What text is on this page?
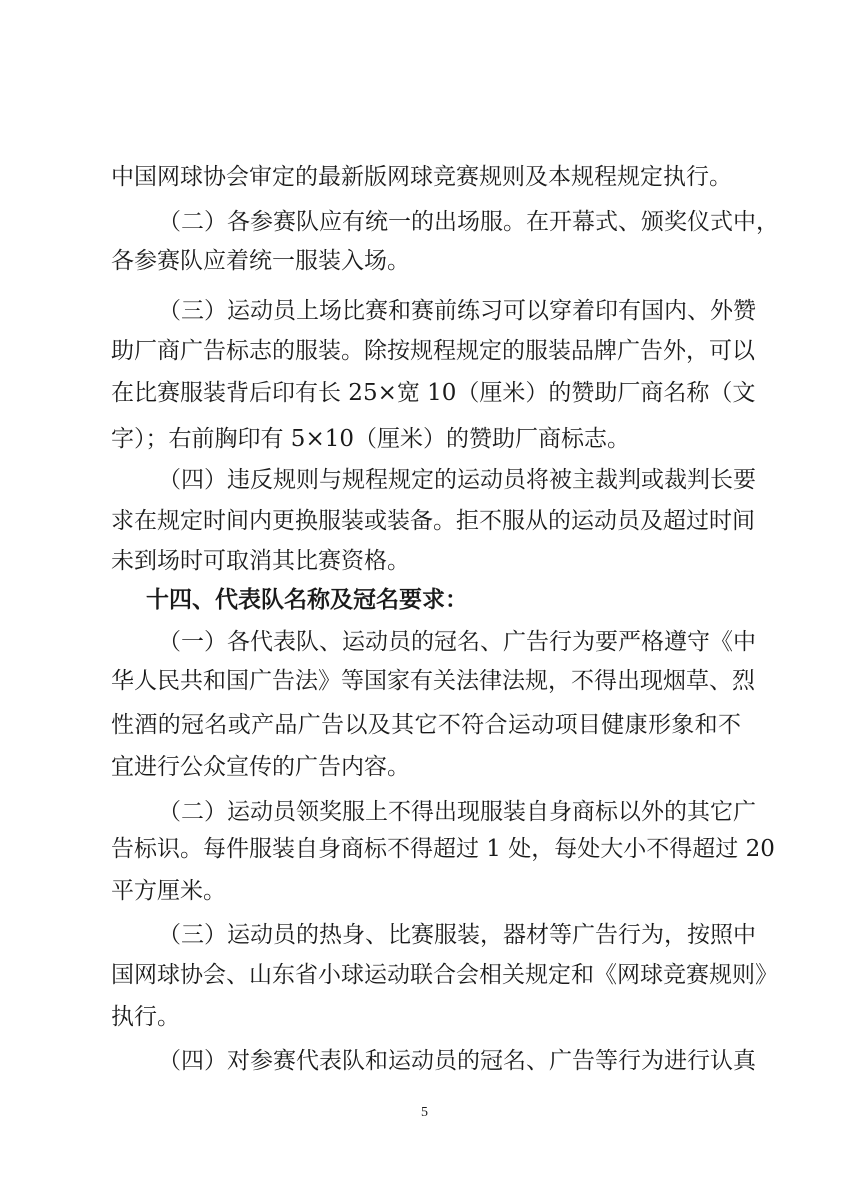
中国网球协会审定的最新版网球竞赛规则及本规程规定执行。
（二）各参赛队应有统一的出场服。在开幕式、颁奖仪式中，
各参赛队应着统一服装入场。
（三）运动员上场比赛和赛前练习可以穿着印有国内、外赞
助厂商广告标志的服装。除按规程规定的服装品牌广告外，可以
在比赛服装背后印有长 25×宽 10（厘米）的赞助厂商名称（文
字）；右前胸印有 5×10（厘米）的赞助厂商标志。
（四）违反规则与规程规定的运动员将被主裁判或裁判长要
求在规定时间内更换服装或装备。拒不服从的运动员及超过时间
未到场时可取消其比赛资格。
十四、代表队名称及冠名要求：
（一）各代表队、运动员的冠名、广告行为要严格遵守《中
华人民共和国广告法》等国家有关法律法规，不得出现烟草、烈
性酒的冠名或产品广告以及其它不符合运动项目健康形象和不
宜进行公众宣传的广告内容。
（二）运动员领奖服上不得出现服装自身商标以外的其它广
告标识。每件服装自身商标不得超过 1 处，每处大小不得超过 20
平方厘米。
（三）运动员的热身、比赛服装，器材等广告行为，按照中
国网球协会、山东省小球运动联合会相关规定和《网球竞赛规则》
执行。
（四）对参赛代表队和运动员的冠名、广告等行为进行认真
5
